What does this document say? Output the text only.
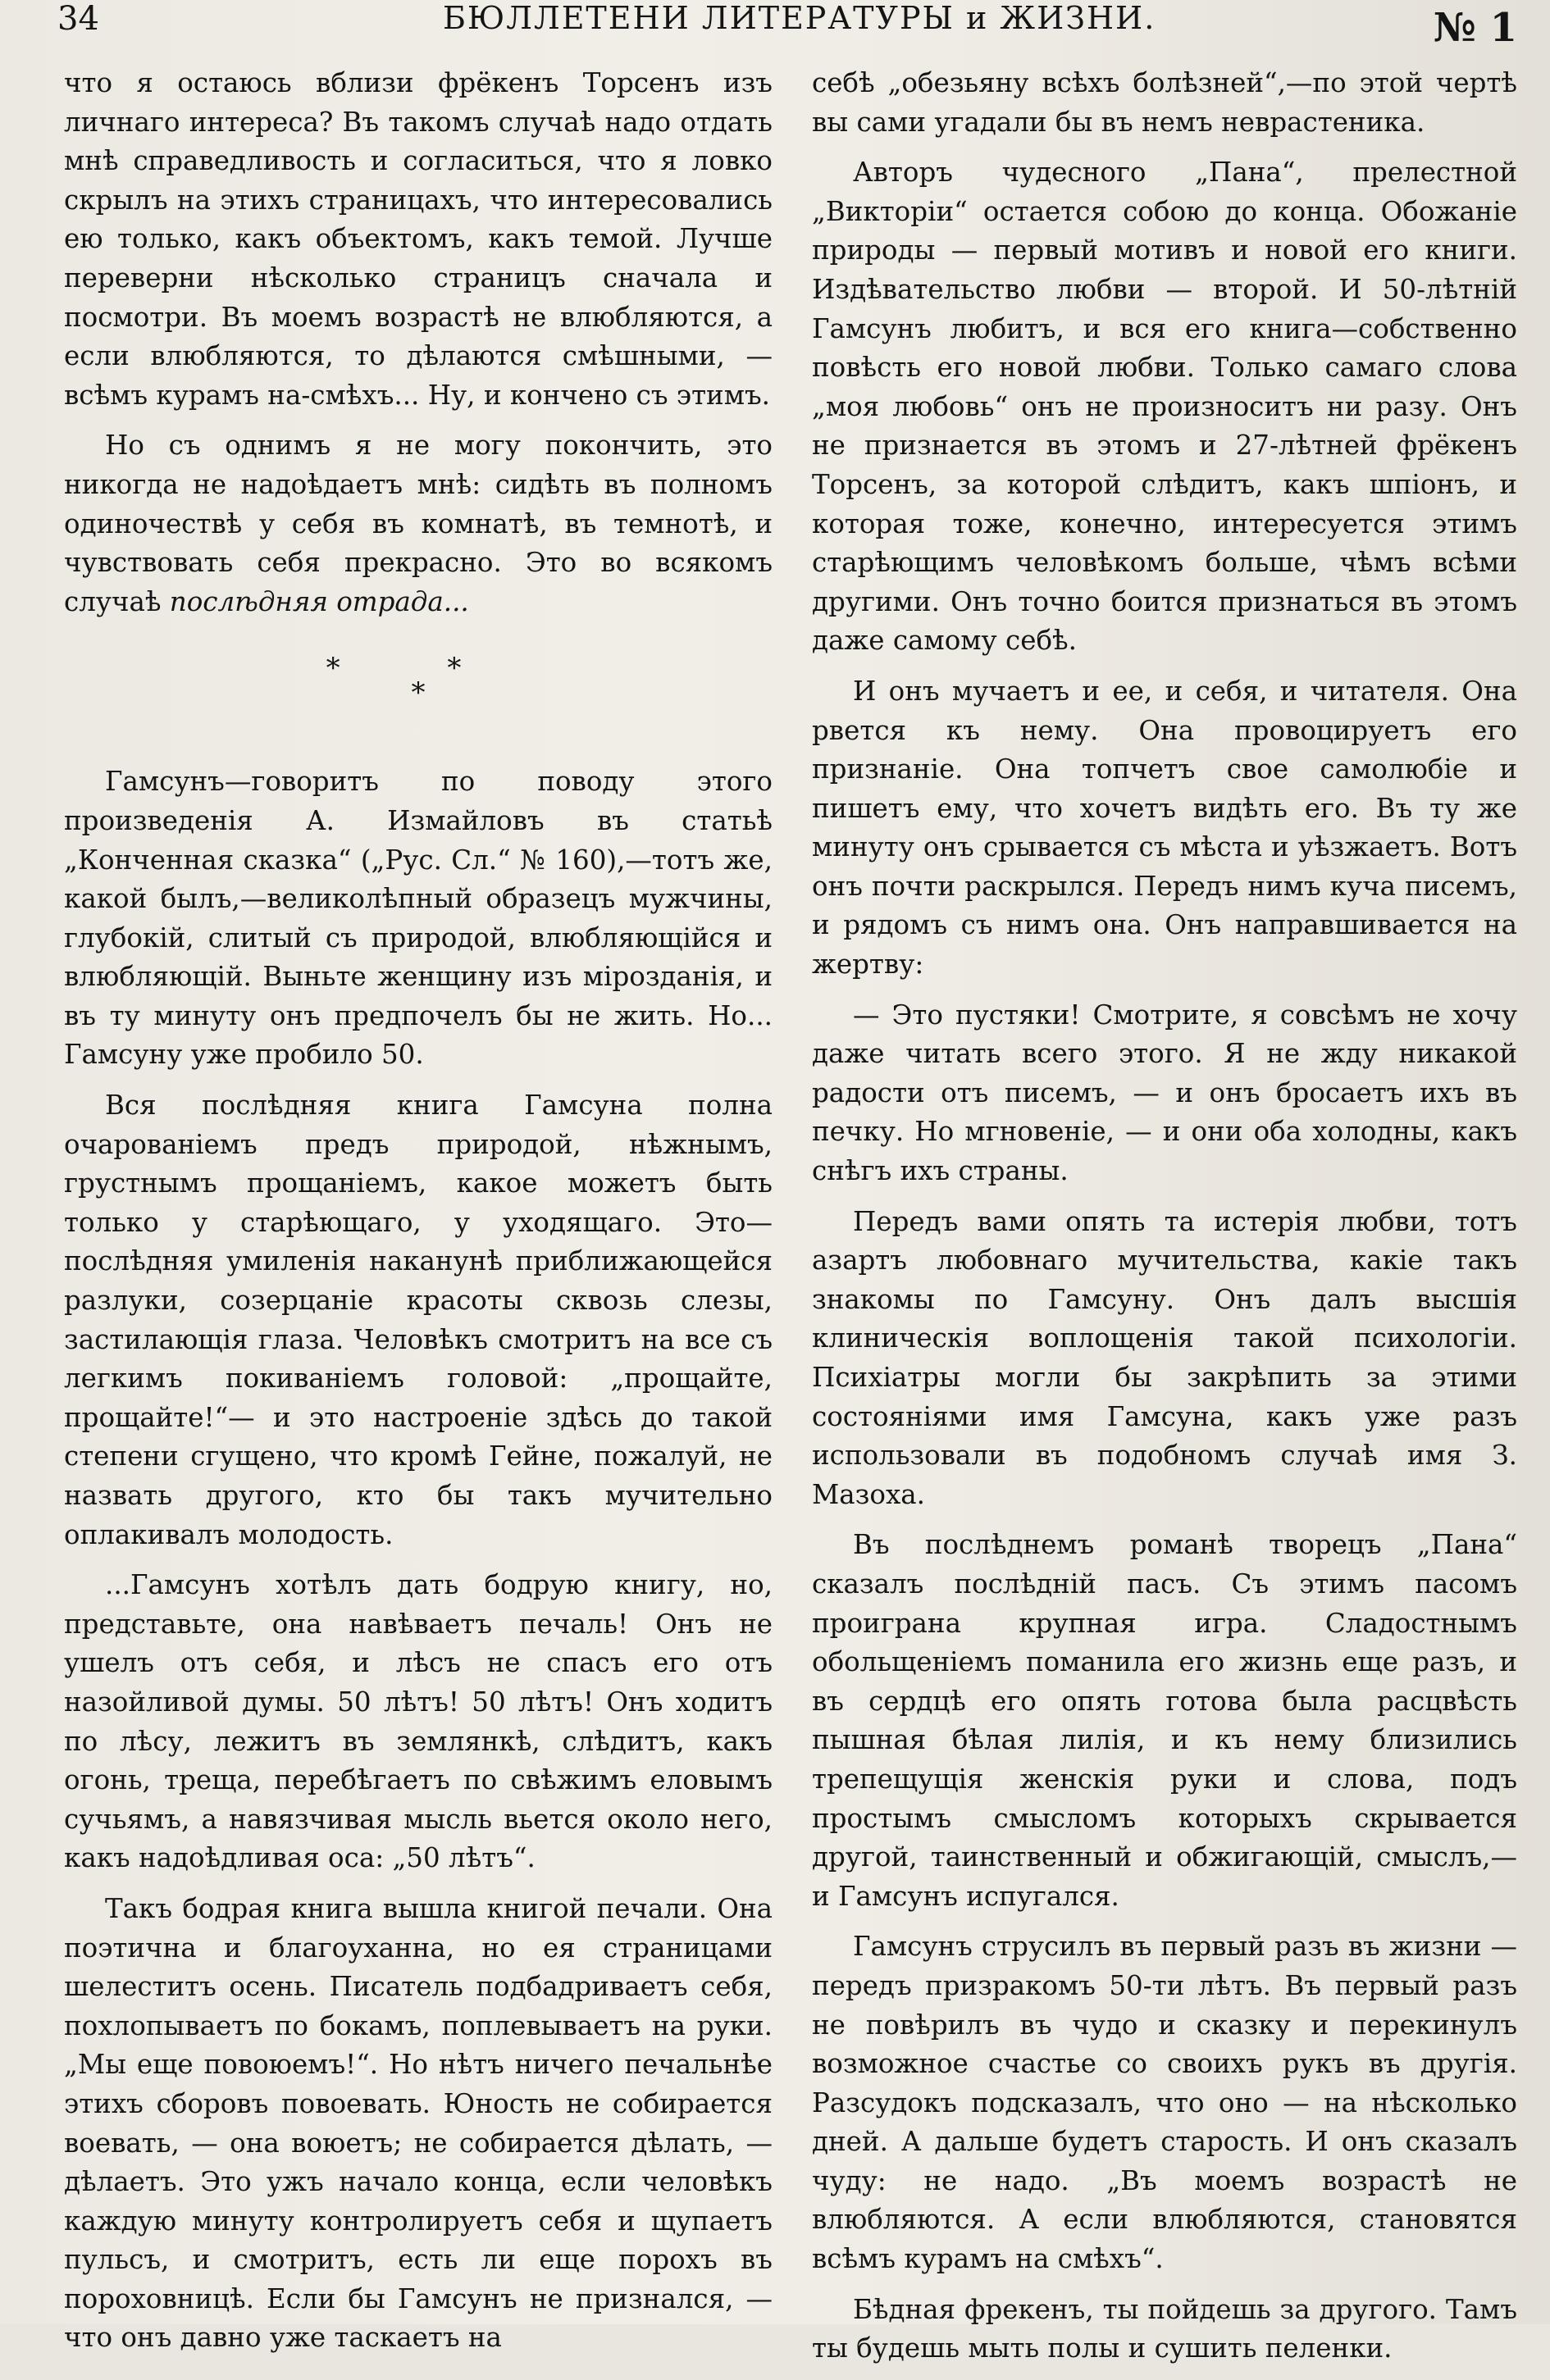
34	БЮЛЛЕТЕНИ ЛИТЕРАТУРЫ и ЖИЗНИ.	№ 1

что я остаюсь вблизи фрёкенъ Торсенъ изъ личнаго интереса? Въ такомъ случаѣ надо отдать мнѣ справедливость и согласиться, что я ловко скрылъ на этихъ страницахъ, что интересовались ею только, какъ объектомъ, какъ темой. Лучше переверни нѣсколько страницъ сначала и посмотри. Въ моемъ возрастѣ не влюбляются, а если влюбляются, то дѣлаются смѣшными, — всѣмъ курамъ на-смѣхъ... Ну, и кончено съ этимъ.

Но съ однимъ я не могу покончить, это никогда не надоѣдаетъ мнѣ: сидѣть въ полномъ одиночествѣ у себя въ комнатѣ, въ темнотѣ, и чувствовать себя прекрасно. Это во всякомъ случаѣ послѣдняя отрада...

* *
*

Гамсунъ—говоритъ по поводу этого произведенія А. Измайловъ въ статьѣ „Конченная сказка“ („Рус. Сл.“ № 160),—тотъ же, какой былъ,—великолѣпный образецъ мужчины, глубокій, слитый съ природой, влюбляющійся и влюбляющій. Выньте женщину изъ мірозданія, и въ ту минуту онъ предпочелъ бы не жить. Но... Гамсуну уже пробило 50.

Вся послѣдняя книга Гамсуна полна очарованіемъ предъ природой, нѣжнымъ, грустнымъ прощаніемъ, какое можетъ быть только у старѣющаго, у уходящаго. Это—послѣдняя умиленія наканунѣ приближающейся разлуки, созерцаніе красоты сквозь слезы, застилающія глаза. Человѣкъ смотритъ на все съ легкимъ покиваніемъ головой: „прощайте, прощайте!“— и это настроеніе здѣсь до такой степени сгущено, что кромѣ Гейне, пожалуй, не назвать другого, кто бы такъ мучительно оплакивалъ молодость.

...Гамсунъ хотѣлъ дать бодрую книгу, но, представьте, она навѣваетъ печаль! Онъ не ушелъ отъ себя, и лѣсъ не спасъ его отъ назойливой думы. 50 лѣтъ! 50 лѣтъ! Онъ ходитъ по лѣсу, лежитъ въ землянкѣ, слѣдитъ, какъ огонь, треща, перебѣгаетъ по свѣжимъ еловымъ сучьямъ, а навязчивая мысль вьется около него, какъ надоѣдливая оса: „50 лѣтъ“.

Такъ бодрая книга вышла книгой печали. Она поэтична и благоуханна, но ея страницами шелеститъ осень. Писатель подбадриваетъ себя, похлопываетъ по бокамъ, поплевываетъ на руки. „Мы еще повоюемъ!“. Но нѣтъ ничего печальнѣе этихъ сборовъ повоевать. Юность не собирается воевать, — она воюетъ; не собирается дѣлать, — дѣлаетъ. Это ужъ начало конца, если человѣкъ каждую минуту контролируетъ себя и щупаетъ пульсъ, и смотритъ, есть ли еще порохъ въ пороховницѣ. Если бы Гамсунъ не признался, — что онъ давно уже таскаетъ на

себѣ „обезьяну всѣхъ болѣзней“,—по этой чертѣ вы сами угадали бы въ немъ неврастеника.

Авторъ чудесного „Пана“, прелестной „Викторіи“ остается собою до конца. Обожаніе природы — первый мотивъ и новой его книги. Издѣвательство любви — второй. И 50-лѣтній Гамсунъ любитъ, и вся его книга—собственно повѣсть его новой любви. Только самаго слова „моя любовь“ онъ не произноситъ ни разу. Онъ не признается въ этомъ и 27-лѣтней фрёкенъ Торсенъ, за которой слѣдитъ, какъ шпіонъ, и которая тоже, конечно, интересуется этимъ старѣющимъ человѣкомъ больше, чѣмъ всѣми другими. Онъ точно боится признаться въ этомъ даже самому себѣ.

И онъ мучаетъ и ее, и себя, и читателя. Она рвется къ нему. Она провоцируетъ его признаніе. Она топчетъ свое самолюбіе и пишетъ ему, что хочетъ видѣть его. Въ ту же минуту онъ срывается съ мѣста и уѣзжаетъ. Вотъ онъ почти раскрылся. Передъ нимъ куча писемъ, и рядомъ съ нимъ она. Онъ направшивается на жертву:

— Это пустяки! Смотрите, я совсѣмъ не хочу даже читать всего этого. Я не жду никакой радости отъ писемъ, — и онъ бросаетъ ихъ въ печку. Но мгновеніе, — и они оба холодны, какъ снѣгъ ихъ страны.

Передъ вами опять та истерія любви, тотъ азартъ любовнаго мучительства, какіе такъ знакомы по Гамсуну. Онъ далъ высшія клиническія воплощенія такой психологіи. Психіатры могли бы закрѣпить за этими состояніями имя Гамсуна, какъ уже разъ использовали въ подобномъ случаѣ имя З. Мазоха.

Въ послѣднемъ романѣ творецъ „Пана“ сказалъ послѣдній пасъ. Съ этимъ пасомъ проиграна крупная игра. Сладостнымъ обольщеніемъ поманила его жизнь еще разъ, и въ сердцѣ его опять готова была расцвѣсть пышная бѣлая лилія, и къ нему близились трепещущія женскія руки и слова, подъ простымъ смысломъ которыхъ скрывается другой, таинственный и обжигающій, смыслъ,— и Гамсунъ испугался.

Гамсунъ струсилъ въ первый разъ въ жизни — передъ призракомъ 50-ти лѣтъ. Въ первый разъ не повѣрилъ въ чудо и сказку и перекинулъ возможное счастье со своихъ рукъ въ другія. Разсудокъ подсказалъ, что оно — на нѣсколько дней. А дальше будетъ старость. И онъ сказалъ чуду: не надо. „Въ моемъ возрастѣ не влюбляются. А если влюбляются, становятся всѣмъ курамъ на смѣхъ“.

Бѣдная фрекенъ, ты пойдешь за другого. Тамъ ты будешь мыть полы и сушить пеленки.
